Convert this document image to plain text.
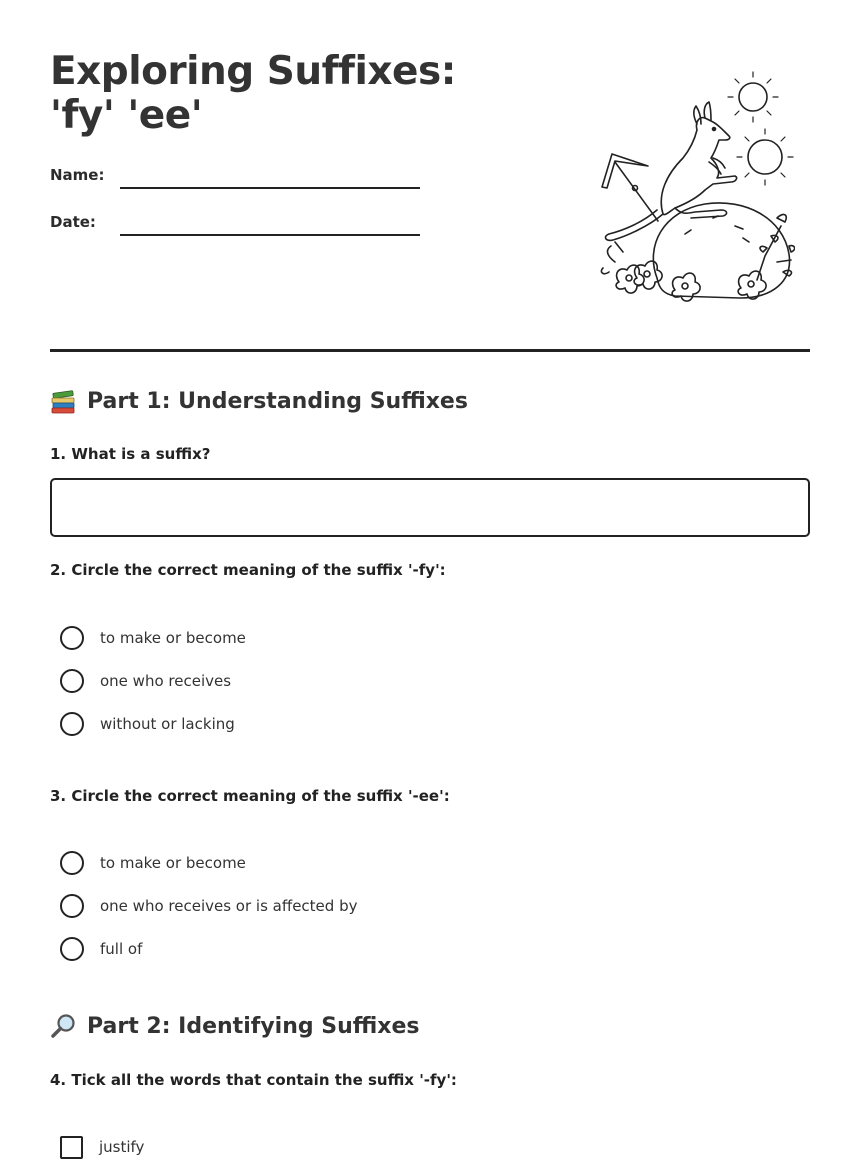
Exploring Suffixes: 'fy' 'ee'
Name:
Date:
Part 1: Understanding Suffixes
1. What is a suffix?
2. Circle the correct meaning of the suffix '-fy':
to make or become
one who receives
without or lacking
3. Circle the correct meaning of the suffix '-ee':
to make or become
one who receives or is affected by
full of
Part 2: Identifying Suffixes
4. Tick all the words that contain the suffix '-fy':
justify
